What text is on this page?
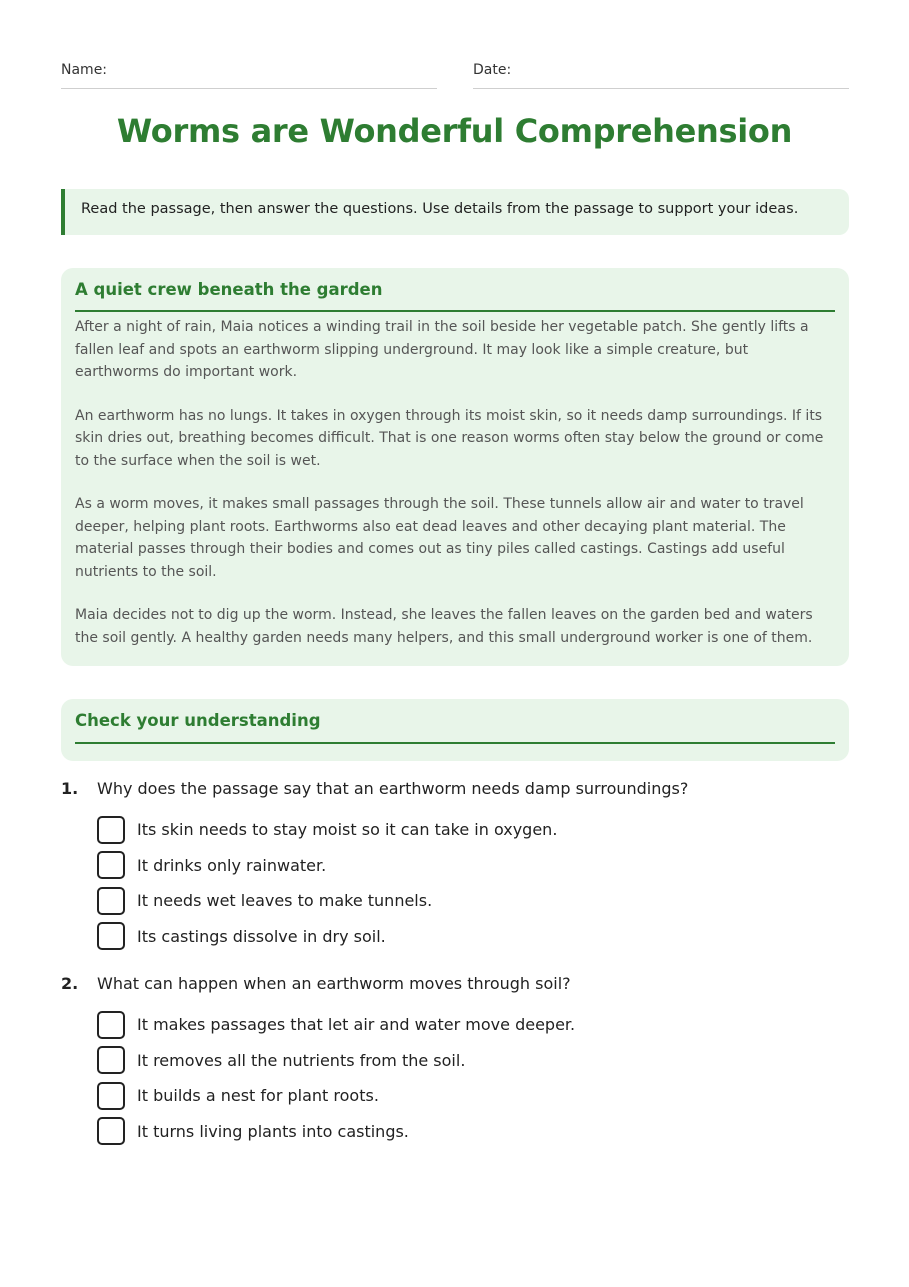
Name:	Date:
Worms are Wonderful Comprehension
Read the passage, then answer the questions. Use details from the passage to support your ideas.
A quiet crew beneath the garden

After a night of rain, Maia notices a winding trail in the soil beside her vegetable patch. She gently lifts a fallen leaf and spots an earthworm slipping underground. It may look like a simple creature, but earthworms do important work.

An earthworm has no lungs. It takes in oxygen through its moist skin, so it needs damp surroundings. If its skin dries out, breathing becomes difficult. That is one reason worms often stay below the ground or come to the surface when the soil is wet.

As a worm moves, it makes small passages through the soil. These tunnels allow air and water to travel deeper, helping plant roots. Earthworms also eat dead leaves and other decaying plant material. The material passes through their bodies and comes out as tiny piles called castings. Castings add useful nutrients to the soil.

Maia decides not to dig up the worm. Instead, she leaves the fallen leaves on the garden bed and waters the soil gently. A healthy garden needs many helpers, and this small underground worker is one of them.

Check your understanding
1.	Why does the passage say that an earthworm needs damp surroundings?
Its skin needs to stay moist so it can take in oxygen.
It drinks only rainwater.
It needs wet leaves to make tunnels.
Its castings dissolve in dry soil.
2.	What can happen when an earthworm moves through soil?
It makes passages that let air and water move deeper.
It removes all the nutrients from the soil.
It builds a nest for plant roots.
It turns living plants into castings.
